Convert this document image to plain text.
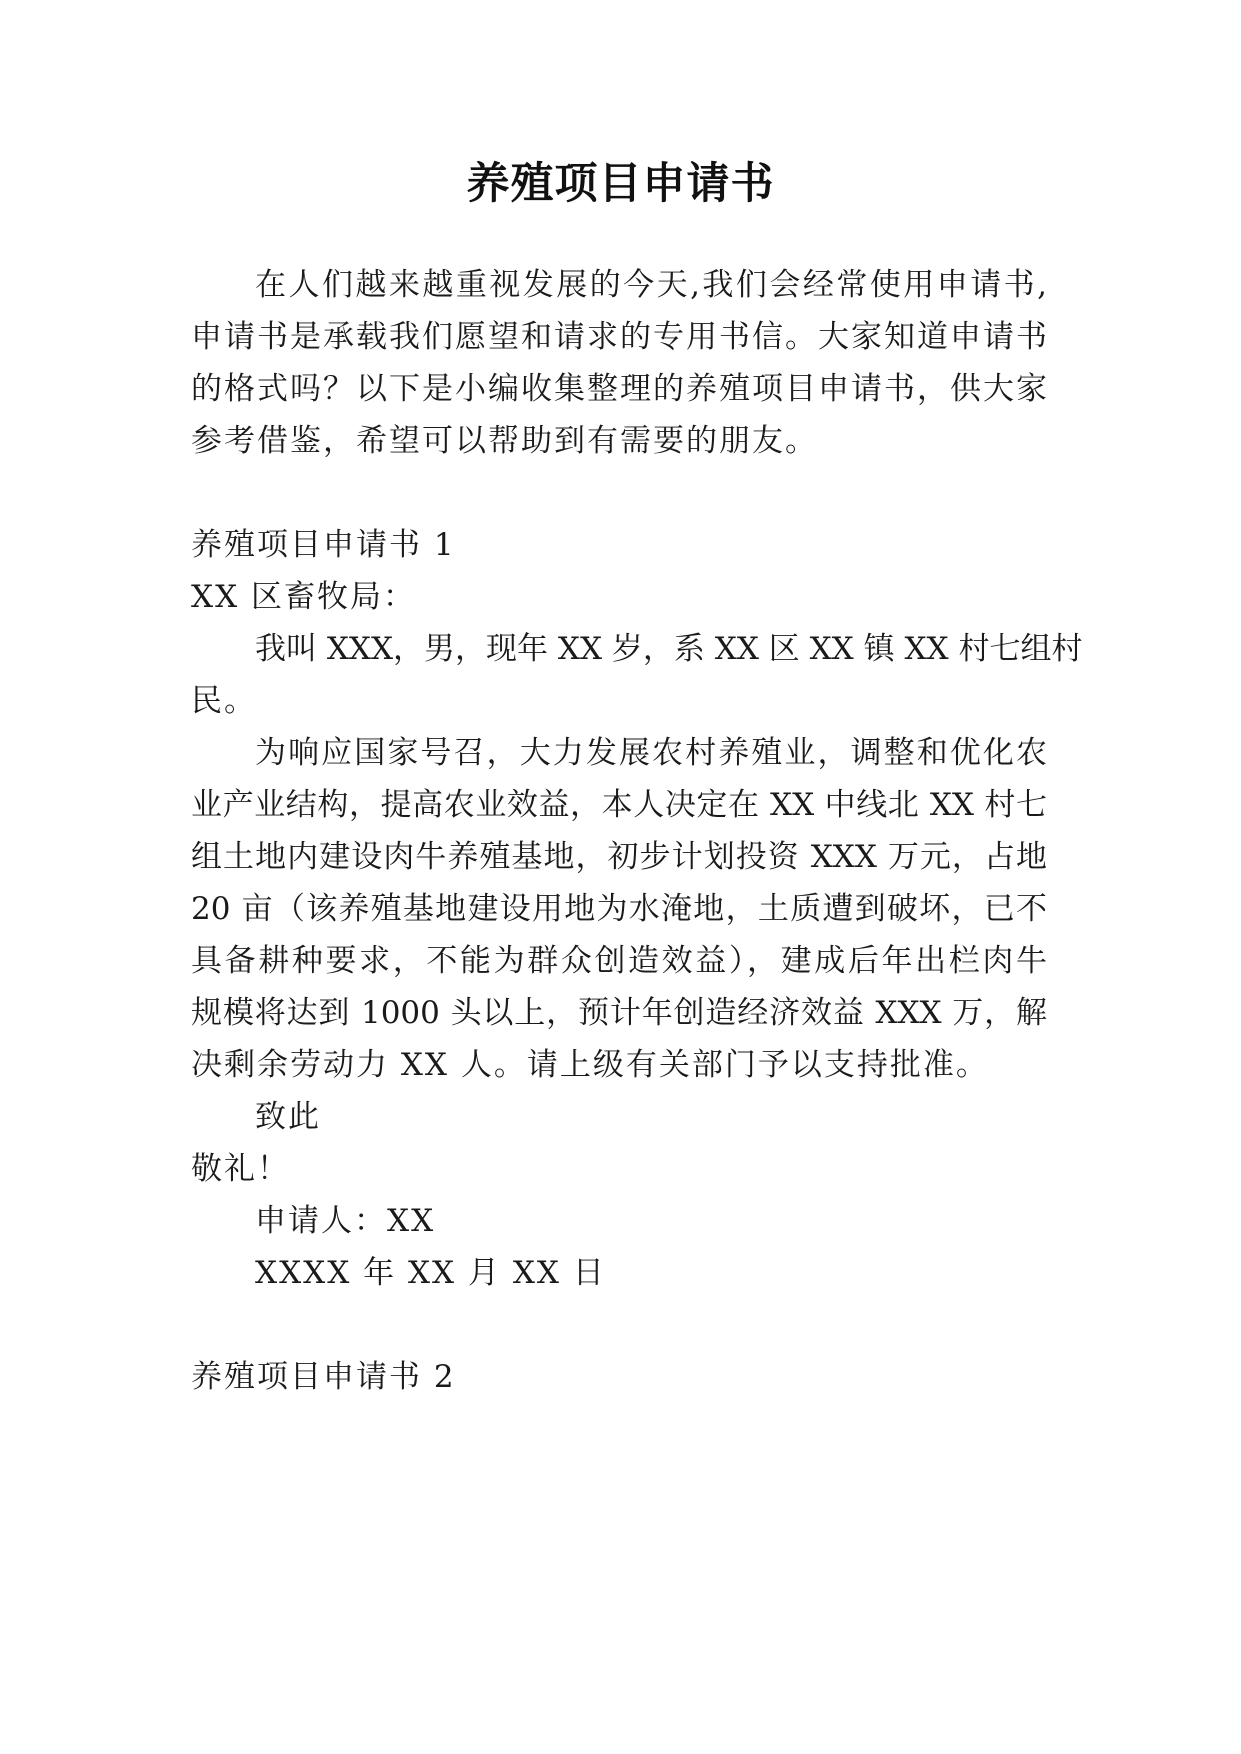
养殖项目申请书
在人们越来越重视发展的今天,我们会经常使用申请书,
申请书是承载我们愿望和请求的专用书信。大家知道申请书
的格式吗？以下是小编收集整理的养殖项目申请书，供大家
参考借鉴，希望可以帮助到有需要的朋友。
养殖项目申请书 1
XX 区畜牧局：
我叫 XXX，男，现年 XX 岁，系 XX 区 XX 镇 XX 村七组村
民。
为响应国家号召，大力发展农村养殖业，调整和优化农
业产业结构，提高农业效益，本人决定在 XX 中线北 XX 村七
组土地内建设肉牛养殖基地，初步计划投资 XXX 万元，占地
20 亩（该养殖基地建设用地为水淹地，土质遭到破坏，已不
具备耕种要求，不能为群众创造效益），建成后年出栏肉牛
规模将达到 1000 头以上，预计年创造经济效益 XXX 万，解
决剩余劳动力 XX 人。请上级有关部门予以支持批准。
致此
敬礼！
申请人：XX
XXXX 年 XX 月 XX 日
养殖项目申请书 2
